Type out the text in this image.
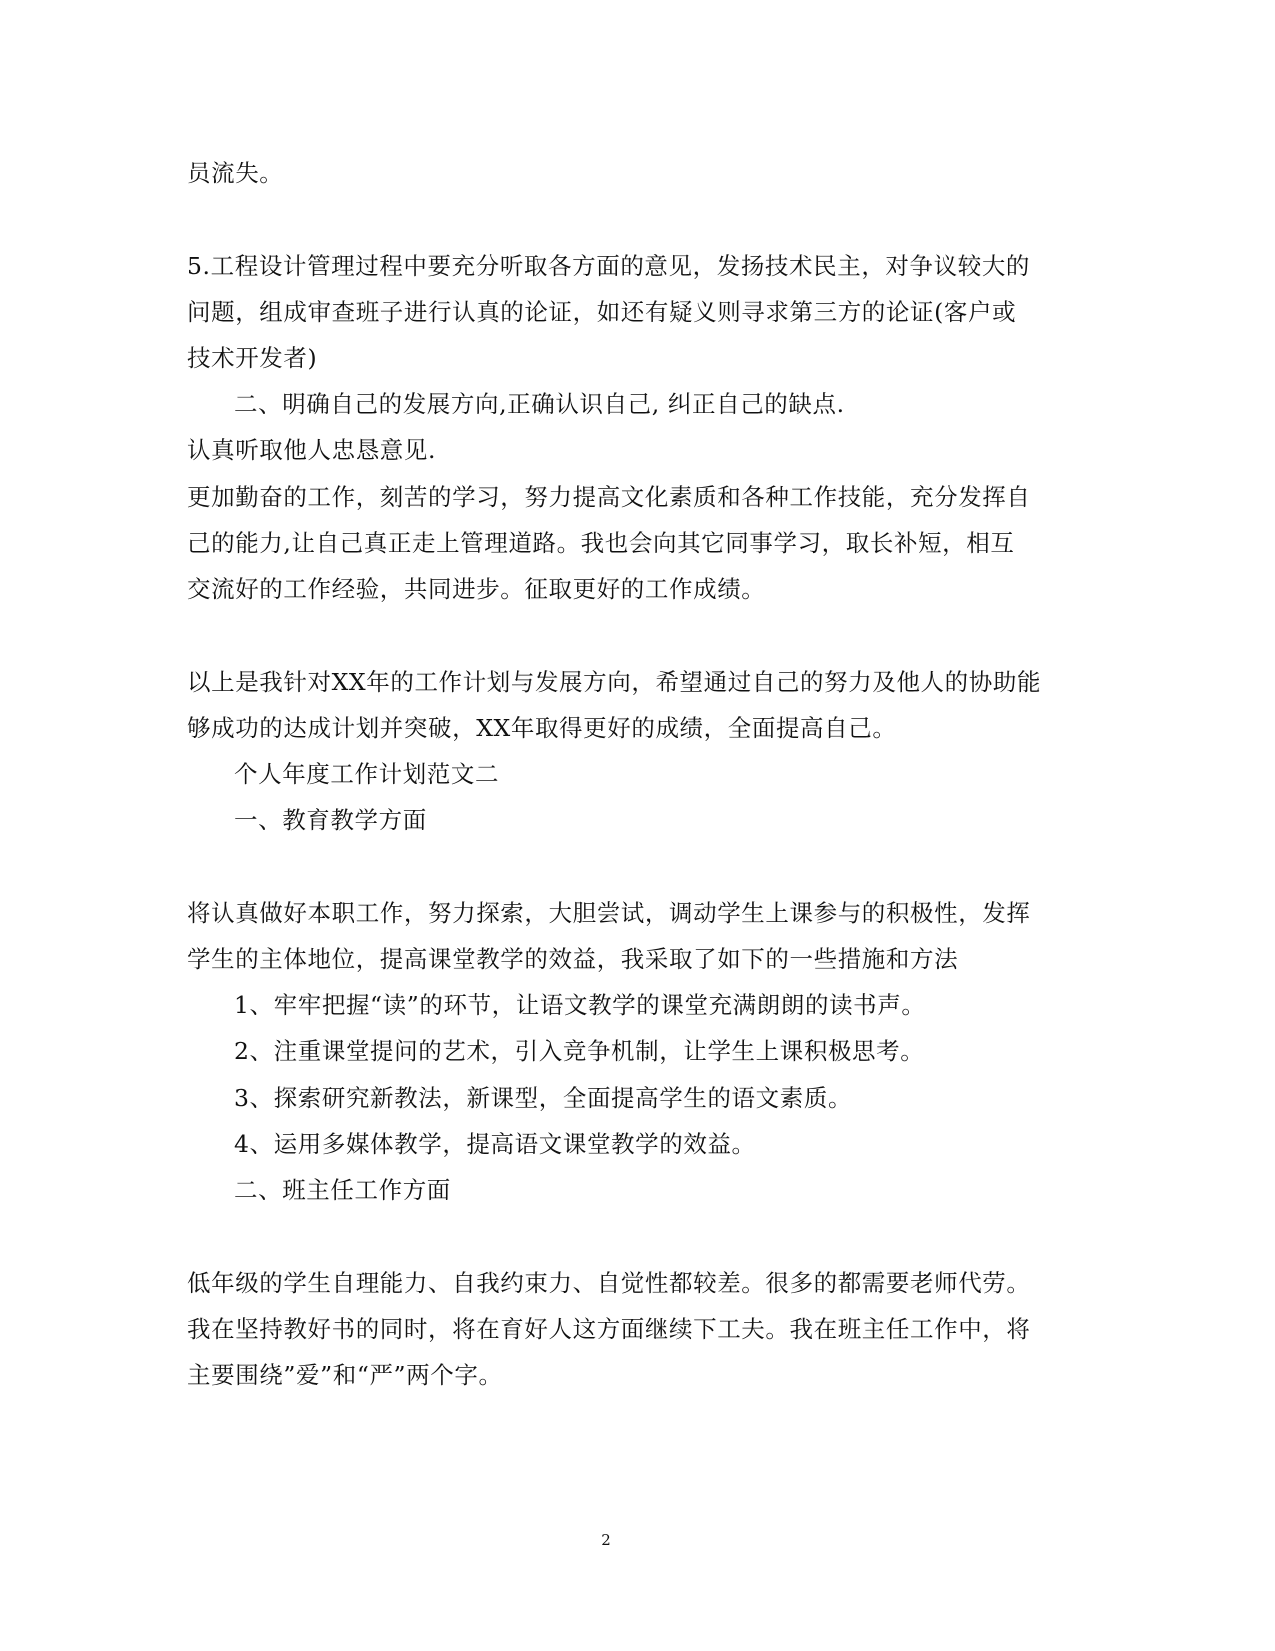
员流失。
5.工程设计管理过程中要充分听取各方面的意见，发扬技术民主，对争议较大的
问题，组成审查班子进行认真的论证，如还有疑义则寻求第三方的论证(客户或
技术开发者)
二、明确自己的发展方向,正确认识自己, 纠正自己的缺点.
认真听取他人忠恳意见.
更加勤奋的工作，刻苦的学习，努力提高文化素质和各种工作技能，充分发挥自
己的能力,让自己真正走上管理道路。我也会向其它同事学习，取长补短，相互
交流好的工作经验，共同进步。征取更好的工作成绩。
以上是我针对XX年的工作计划与发展方向，希望通过自己的努力及他人的协助能
够成功的达成计划并突破，XX年取得更好的成绩，全面提高自己。
个人年度工作计划范文二
一、教育教学方面
将认真做好本职工作，努力探索，大胆尝试，调动学生上课参与的积极性，发挥
学生的主体地位，提高课堂教学的效益，我采取了如下的一些措施和方法
1、牢牢把握“读”的环节，让语文教学的课堂充满朗朗的读书声。
2、注重课堂提问的艺术，引入竞争机制，让学生上课积极思考。
3、探索研究新教法，新课型，全面提高学生的语文素质。
4、运用多媒体教学，提高语文课堂教学的效益。
二、班主任工作方面
低年级的学生自理能力、自我约束力、自觉性都较差。很多的都需要老师代劳。
我在坚持教好书的同时，将在育好人这方面继续下工夫。我在班主任工作中，将
主要围绕”爱”和“严”两个字。
2
